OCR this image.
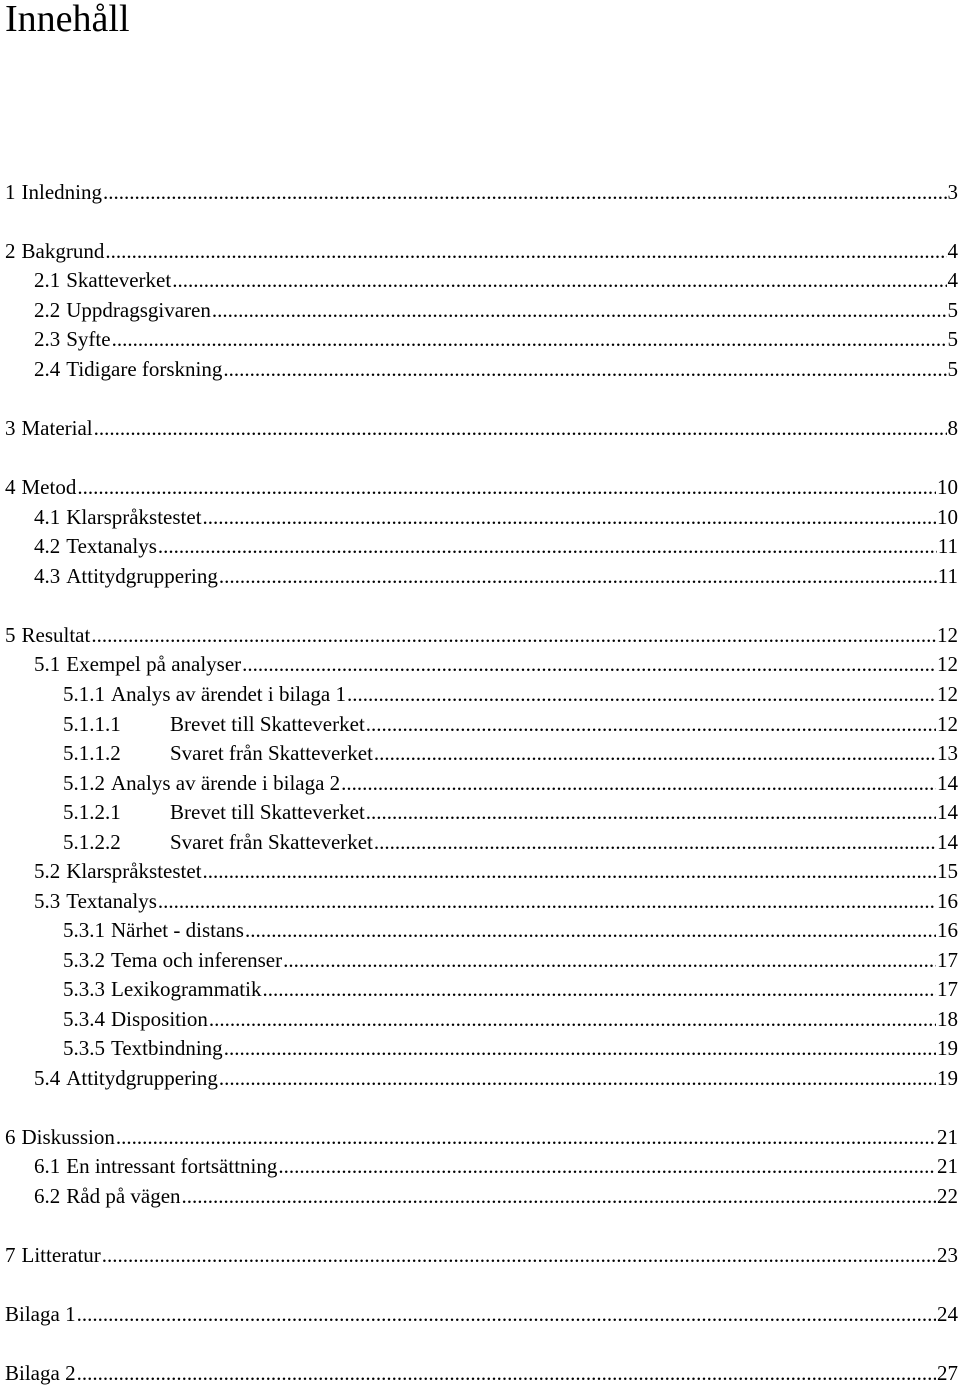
Innehåll
1 Inledning .....	3
2 Bakgrund .....	4
2.1 Skatteverket .....	4
2.2 Uppdragsgivaren .....	5
2.3 Syfte .....	5
2.4 Tidigare forskning .....	5
3 Material .....	8
4 Metod .....	10
4.1 Klarspråkstestet .....	10
4.2 Textanalys .....	11
4.3 Attitydgruppering .....	11
5 Resultat .....	12
5.1 Exempel på analyser .....	12
5.1.1 Analys av ärendet i bilaga 1 .....	12
5.1.1.1	Brevet till Skatteverket .....	12
5.1.1.2	Svaret från Skatteverket .....	13
5.1.2 Analys av ärende i bilaga 2 .....	14
5.1.2.1	Brevet till Skatteverket .....	14
5.1.2.2	Svaret från Skatteverket .....	14
5.2 Klarspråkstestet .....	15
5.3 Textanalys .....	16
5.3.1 Närhet - distans .....	16
5.3.2 Tema och inferenser .....	17
5.3.3 Lexikogrammatik .....	17
5.3.4 Disposition .....	18
5.3.5 Textbindning .....	19
5.4 Attitydgruppering .....	19
6 Diskussion .....	21
6.1 En intressant fortsättning .....	21
6.2 Råd på vägen .....	22
7 Litteratur .....	23
Bilaga 1 .....	24
Bilaga 2 .....	27
